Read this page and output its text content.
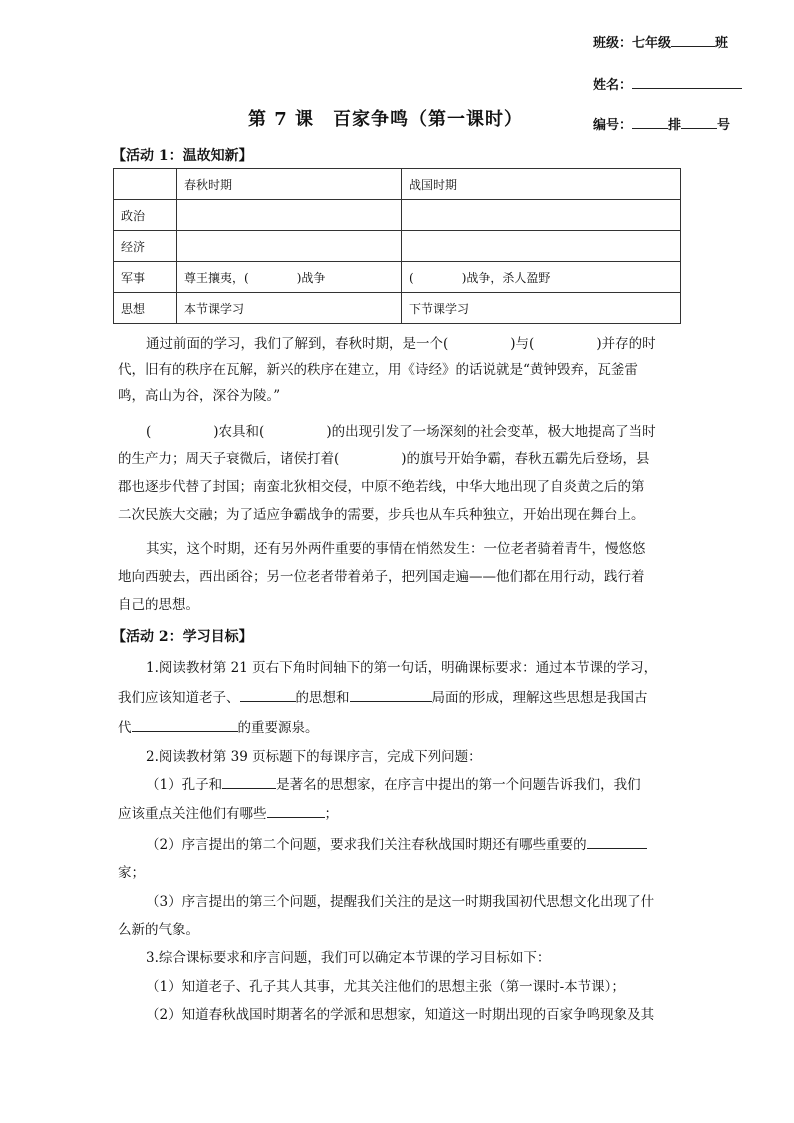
班级：七年级	班
姓名：
编号：	排	号
第 7 课　百家争鸣（第一课时）
【活动 1：温故知新】
	春秋时期	战国时期
政治		
经济		
军事	尊王攘夷，( )战争	( )战争，杀人盈野
思想	本节课学习	下节课学习
通过前面的学习，我们了解到，春秋时期，是一个(	)与(	)并存的时
代，旧有的秩序在瓦解，新兴的秩序在建立，用《诗经》的话说就是“黄钟毁弃，瓦釜雷
鸣，高山为谷，深谷为陵。”
(	)农具和(	)的出现引发了一场深刻的社会变革，极大地提高了当时
的生产力；周天子衰微后，诸侯打着(	)的旗号开始争霸，春秋五霸先后登场，县
郡也逐步代替了封国；南蛮北狄相交侵，中原不绝若线，中华大地出现了自炎黄之后的第
二次民族大交融；为了适应争霸战争的需要，步兵也从车兵种独立，开始出现在舞台上。
其实，这个时期，还有另外两件重要的事情在悄然发生：一位老者骑着青牛，慢悠悠
地向西驶去，西出函谷；另一位老者带着弟子，把列国走遍——他们都在用行动，践行着
自己的思想。
【活动 2：学习目标】
1.阅读教材第 21 页右下角时间轴下的第一句话，明确课标要求：通过本节课的学习，
我们应该知道老子、	的思想和	局面的形成，理解这些思想是我国古
代	的重要源泉。
2.阅读教材第 39 页标题下的每课序言，完成下列问题：
（1）孔子和	是著名的思想家，在序言中提出的第一个问题告诉我们，我们
应该重点关注他们有哪些	；
（2）序言提出的第二个问题，要求我们关注春秋战国时期还有哪些重要的
家；
（3）序言提出的第三个问题，提醒我们关注的是这一时期我国初代思想文化出现了什
么新的气象。
3.综合课标要求和序言问题，我们可以确定本节课的学习目标如下：
（1）知道老子、孔子其人其事，尤其关注他们的思想主张（第一课时-本节课）；
（2）知道春秋战国时期著名的学派和思想家，知道这一时期出现的百家争鸣现象及其
